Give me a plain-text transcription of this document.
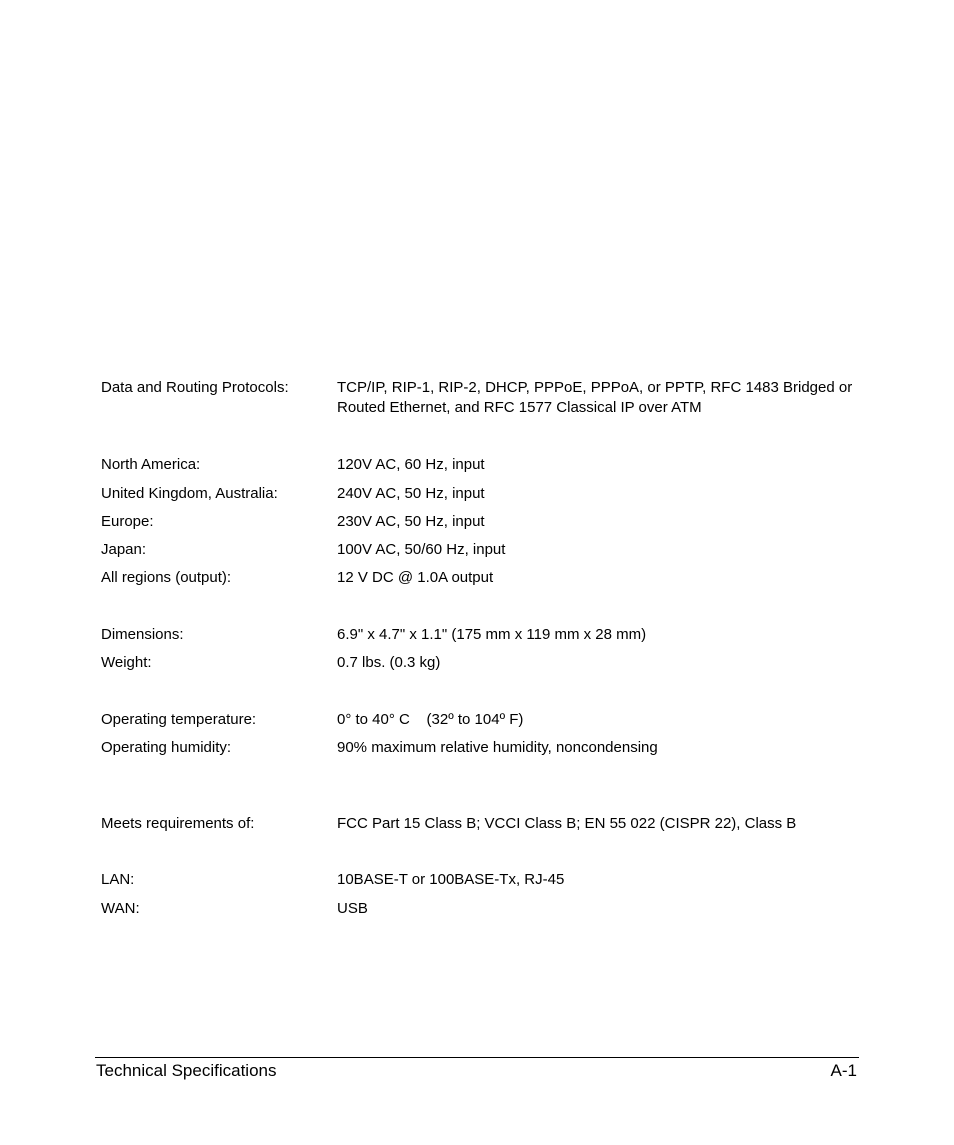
Data and Routing Protocols:	TCP/IP, RIP-1, RIP-2, DHCP, PPPoE, PPPoA, or PPTP, RFC 1483 Bridged or Routed Ethernet, and RFC 1577 Classical IP over ATM
North America:	120V AC, 60 Hz, input
United Kingdom, Australia:	240V AC, 50 Hz, input
Europe:	230V AC, 50 Hz, input
Japan:	100V AC, 50/60 Hz, input
All regions (output):	12 V DC @ 1.0A output
Dimensions:	6.9" x 4.7" x 1.1" (175 mm x 119 mm x 28 mm)
Weight:	0.7 lbs. (0.3 kg)
Operating temperature:	0° to 40° C    (32º to 104º F)
Operating humidity:	90% maximum relative humidity, noncondensing
Meets requirements of:	FCC Part 15 Class B; VCCI Class B; EN 55 022 (CISPR 22), Class B
LAN:	10BASE-T or 100BASE-Tx, RJ-45
WAN:	USB
Technical Specifications	A-1
